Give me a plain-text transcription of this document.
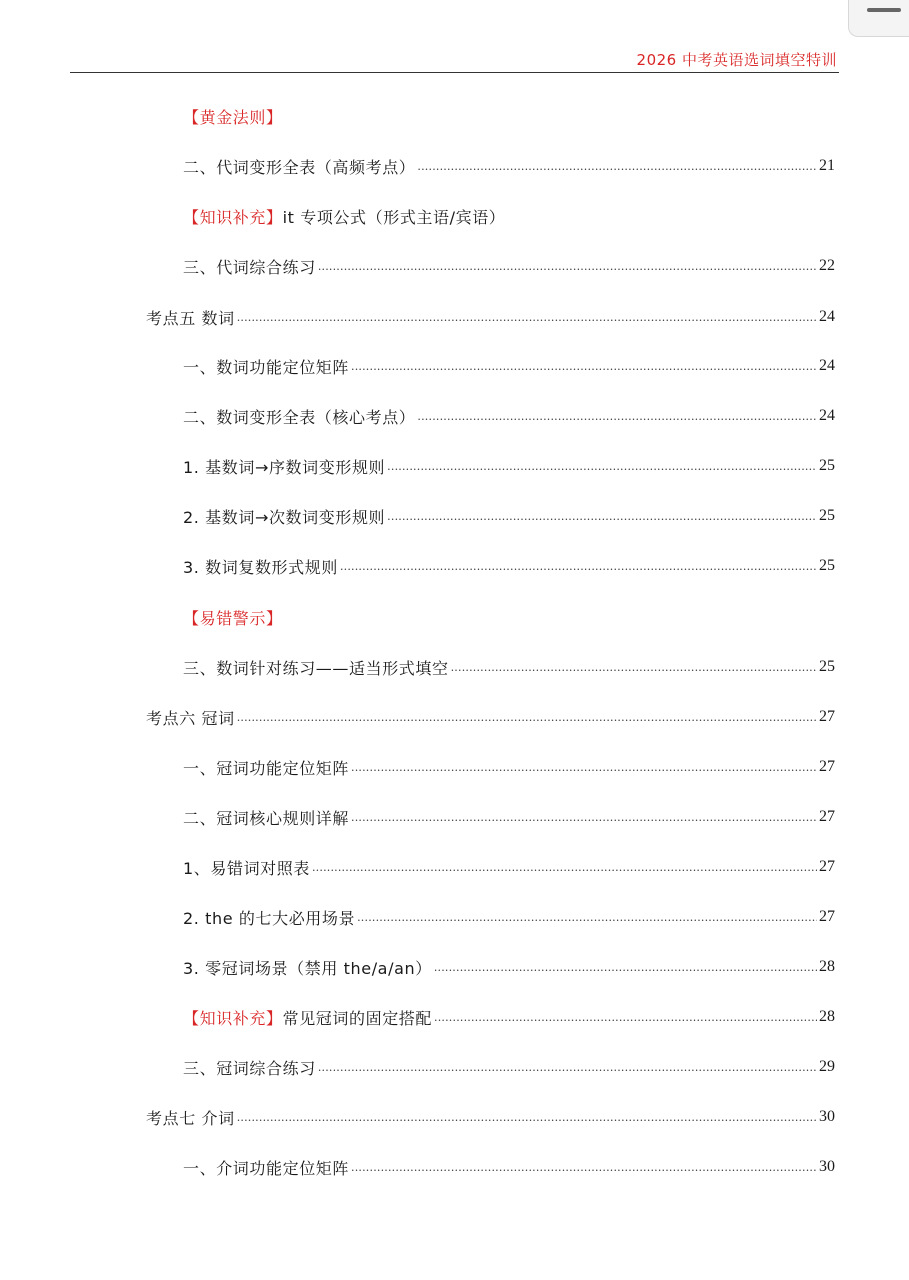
2026 中考英语选词填空特训
【黄金法则】
二、代词变形全表（高频考点） .....	21
【知识补充】 it 专项公式（形式主语/宾语）
三、代词综合练习 .....	22
考点五 数词 .....	24
一、数词功能定位矩阵 .....	24
二、数词变形全表（核心考点） .....	24
1. 基数词→序数词变形规则 .....	25
2. 基数词→次数词变形规则 .....	25
3. 数词复数形式规则 .....	25
【易错警示】
三、数词针对练习——适当形式填空 .....	25
考点六 冠词 .....	27
一、冠词功能定位矩阵 .....	27
二、冠词核心规则详解 .....	27
1、易错词对照表 .....	27
2. the 的七大必用场景 .....	27
3. 零冠词场景（禁用 the/a/an） .....	28
【知识补充】 常见冠词的固定搭配 .....	28
三、冠词综合练习 .....	29
考点七 介词 .....	30
一、介词功能定位矩阵 .....	30
